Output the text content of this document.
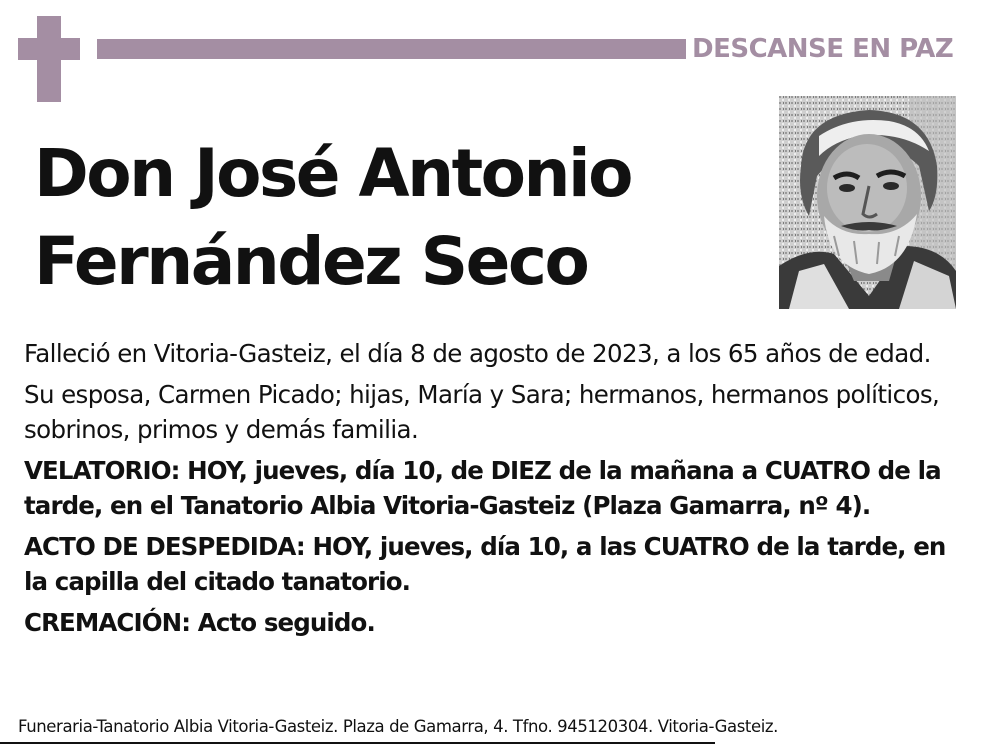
DESCANSE EN PAZ
Don José Antonio
Fernández Seco

Falleció en Vitoria-Gasteiz, el día 8 de agosto de 2023, a los 65 años de edad.

Su esposa, Carmen Picado; hijas, María y Sara; hermanos, hermanos políticos, sobrinos, primos y demás familia.

VELATORIO: HOY, jueves, día 10, de DIEZ de la mañana a CUATRO de la tarde, en el Tanatorio Albia Vitoria-Gasteiz (Plaza Gamarra, nº 4).

ACTO DE DESPEDIDA: HOY, jueves, día 10, a las CUATRO de la tarde, en la capilla del citado tanatorio.

CREMACIÓN: Acto seguido.

Funeraria-Tanatorio Albia Vitoria-Gasteiz. Plaza de Gamarra, 4. Tfno. 945120304. Vitoria-Gasteiz.
